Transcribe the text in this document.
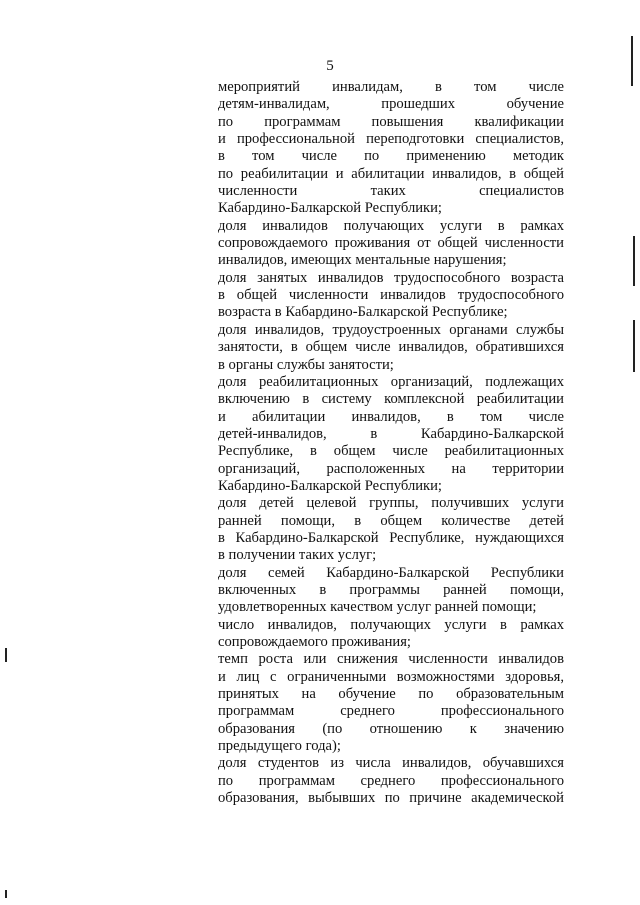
5
мероприятий инвалидам, в том числе
детям-инвалидам, прошедших обучение
по программам повышения квалификации
и профессиональной переподготовки специалистов,
в том числе по применению методик
по реабилитации и абилитации инвалидов, в общей
численности таких специалистов
Кабардино-Балкарской Республики;
доля инвалидов получающих услуги в рамках
сопровождаемого проживания от общей численности
инвалидов, имеющих ментальные нарушения;
доля занятых инвалидов трудоспособного возраста
в общей численности инвалидов трудоспособного
возраста в Кабардино-Балкарской Республике;
доля инвалидов, трудоустроенных органами службы
занятости, в общем числе инвалидов, обратившихся
в органы службы занятости;
доля реабилитационных организаций, подлежащих
включению в систему комплексной реабилитации
и абилитации инвалидов, в том числе
детей-инвалидов, в Кабардино-Балкарской
Республике, в общем числе реабилитационных
организаций, расположенных на территории
Кабардино-Балкарской Республики;
доля детей целевой группы, получивших услуги
ранней помощи, в общем количестве детей
в Кабардино-Балкарской Республике, нуждающихся
в получении таких услуг;
доля семей Кабардино-Балкарской Республики
включенных в программы ранней помощи,
удовлетворенных качеством услуг ранней помощи;
число инвалидов, получающих услуги в рамках
сопровождаемого проживания;
темп роста или снижения численности инвалидов
и лиц с ограниченными возможностями здоровья,
принятых на обучение по образовательным
программам среднего профессионального
образования (по отношению к значению
предыдущего года);
доля студентов из числа инвалидов, обучавшихся
по программам среднего профессионального
образования, выбывших по причине академической
